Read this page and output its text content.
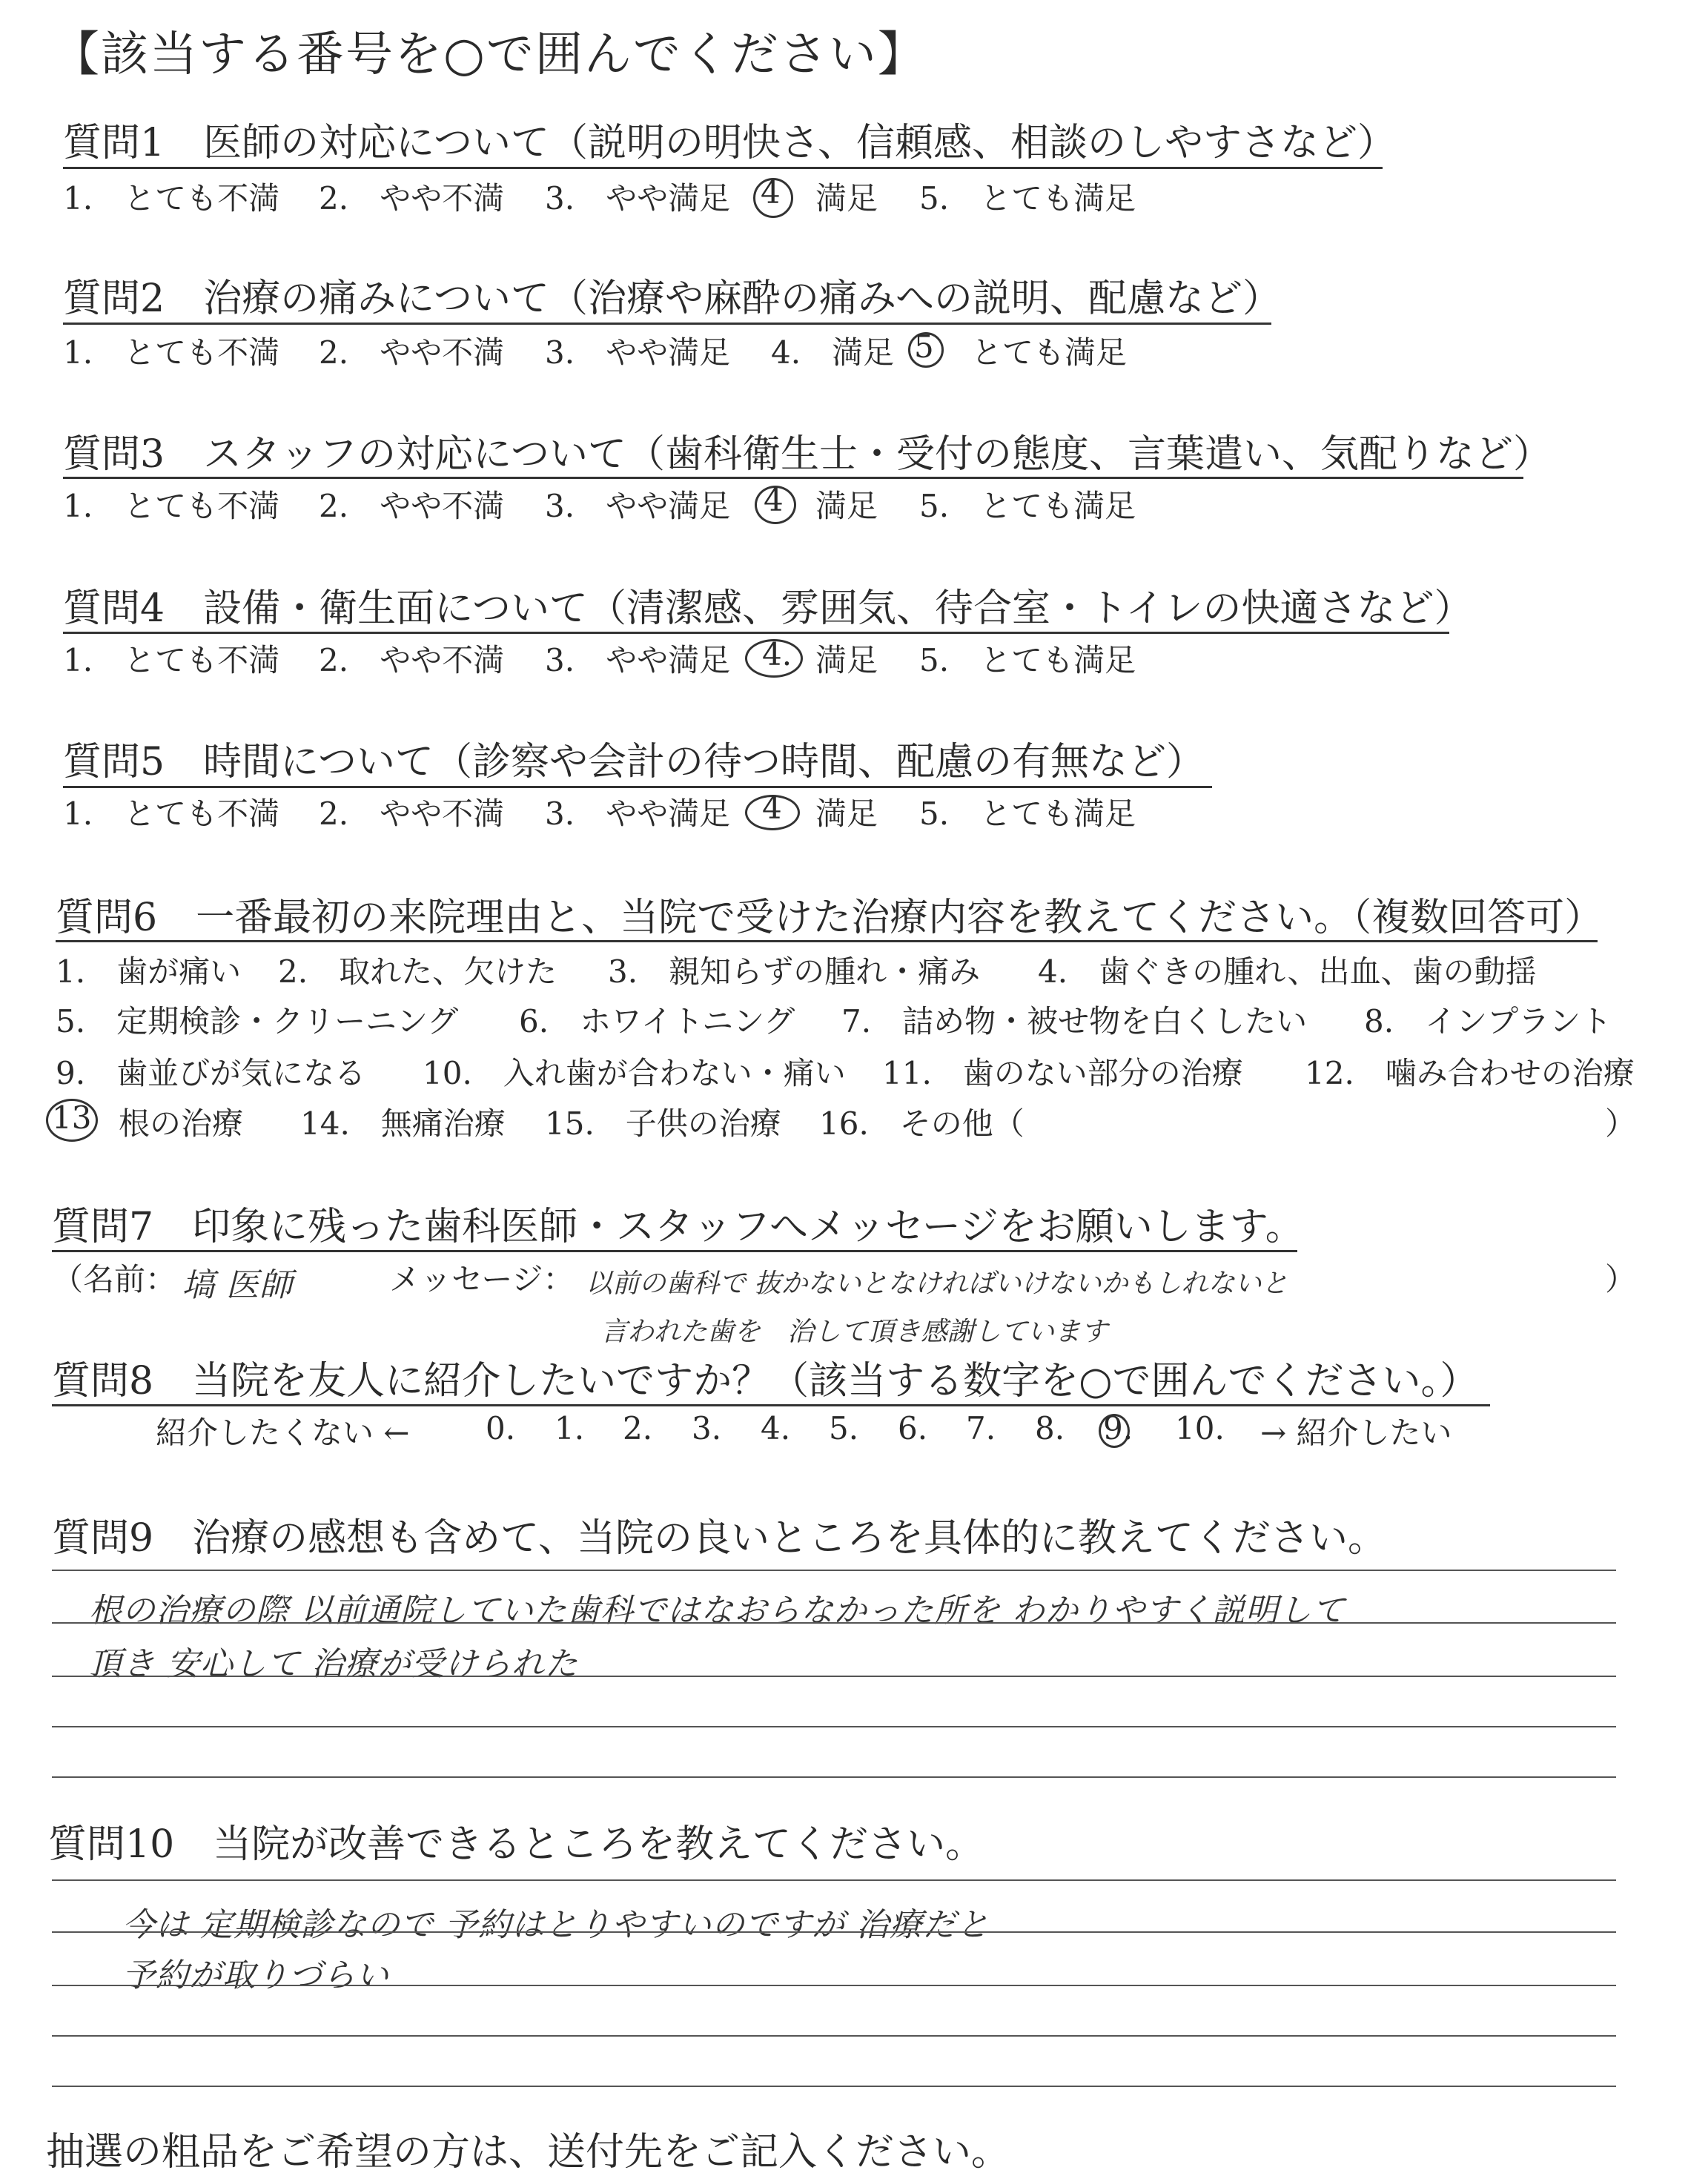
【該当する番号を○で囲んでください】
質問1　医師の対応について（説明の明快さ、信頼感、相談のしやすさなど）
1.　とても不満 2.　やや不満 3.　やや満足 4 満足 5.　とても満足
質問2　治療の痛みについて（治療や麻酔の痛みへの説明、配慮など）
1.　とても不満 2.　やや不満 3.　やや満足 4.　満足 5 とても満足
質問3　スタッフの対応について（歯科衛生士・受付の態度、言葉遣い、気配りなど）
1.　とても不満 2.　やや不満 3.　やや満足 4 満足 5.　とても満足
質問4　設備・衛生面について（清潔感、雰囲気、待合室・トイレの快適さなど）
1.　とても不満 2.　やや不満 3.　やや満足 4. 満足 5.　とても満足
質問5　時間について（診察や会計の待つ時間、配慮の有無など）
1.　とても不満 2.　やや不満 3.　やや満足 4 満足 5.　とても満足
質問6　一番最初の来院理由と、当院で受けた治療内容を教えてください。（複数回答可）
1.　歯が痛い 2.　取れた、欠けた 3.　親知らずの腫れ・痛み 4.　歯ぐきの腫れ、出血、歯の動揺
5.　定期検診・クリーニング 6.　ホワイトニング 7.　詰め物・被せ物を白くしたい 8.　インプラント
9.　歯並びが気になる 10.　入れ歯が合わない・痛い 11.　歯のない部分の治療 12.　噛み合わせの治療
13 根の治療 14.　無痛治療 15.　子供の治療 16.　その他（	）
質問7　印象に残った歯科医師・スタッフへメッセージをお願いします。
（名前： 塙 医師	メッセージ： 以前の歯科で 抜かないとなければいけないかもしれないと	）
言われた歯を　治して頂き感謝しています
質問8　当院を友人に紹介したいですか？（該当する数字を○で囲んでください。）
紹介したくない ← 0. 1. 2. 3. 4. 5. 6. 7. 8. 9. 10. → 紹介したい
質問9　治療の感想も含めて、当院の良いところを具体的に教えてください。
根の治療の際 以前通院していた歯科ではなおらなかった所を わかりやすく説明して
頂き 安心して 治療が受けられた
質問10　当院が改善できるところを教えてください。
今は 定期検診なので 予約はとりやすいのですが 治療だと
予約が取りづらい
抽選の粗品をご希望の方は、送付先をご記入ください。
